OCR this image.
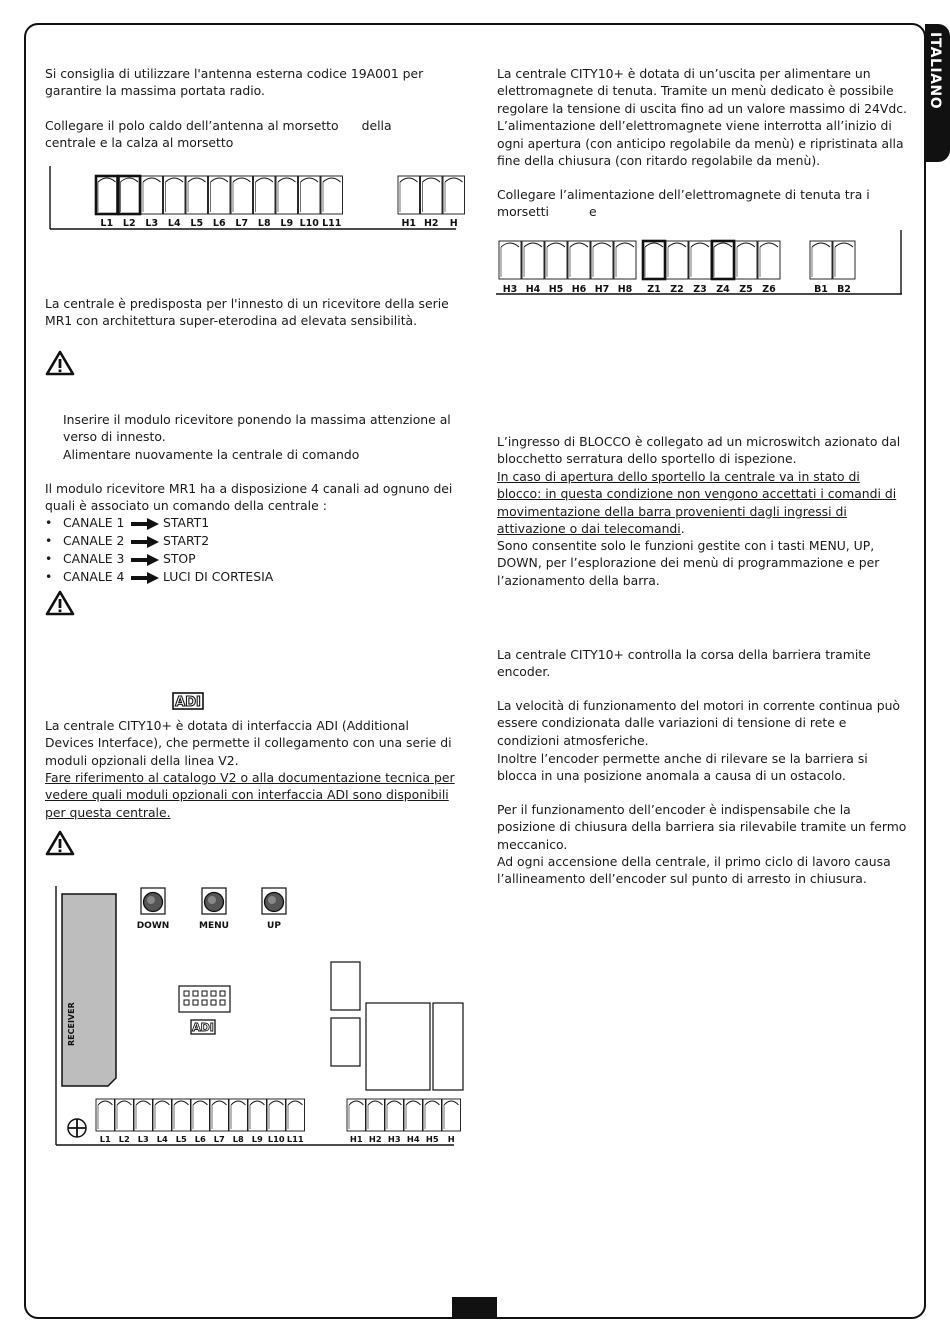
ITALIANO

Si consiglia di utilizzare l'antenna esterna codice 19A001 per garantire la massima portata radio.

Collegare il polo caldo dell’antenna al morsetto della

centrale e la calza al morsetto

L1 L2 L3 L4 L5 L6 L7 L8 L9 L10 L11	H1 H2 H

La centrale è predisposta per l'innesto di un ricevitore della serie MR1 con architettura super-eterodina ad elevata sensibilità.

Inserire il modulo ricevitore ponendo la massima attenzione al verso di innesto.

Alimentare nuovamente la centrale di comando

Il modulo ricevitore MR1 ha a disposizione 4 canali ad ognuno dei quali è associato un comando della centrale :

• CANALE 1	START1
• CANALE 2	START2
• CANALE 3	STOP
• CANALE 4	LUCI DI CORTESIA
ADI

La centrale CITY10+ è dotata di interfaccia ADI (Additional Devices Interface), che permette il collegamento con una serie di moduli opzionali della linea V2.

Fare riferimento al catalogo V2 o alla documentazione tecnica per vedere quali moduli opzionali con interfaccia ADI sono disponibili per questa centrale.

RECEIVER
DOWN	MENU	UP
ADI
L1 L2 L3 L4 L5 L6 L7 L8 L9 L10 L11	H1 H2 H3 H4 H5 H

La centrale CITY10+ è dotata di un’uscita per alimentare un elettromagnete di tenuta. Tramite un menù dedicato è possibile regolare la tensione di uscita fino ad un valore massimo di 24Vdc. L’alimentazione dell’elettromagnete viene interrotta all’inizio di ogni apertura (con anticipo regolabile da menù) e ripristinata alla fine della chiusura (con ritardo regolabile da menù).

Collegare l’alimentazione dell’elettromagnete di tenuta tra i

morsetti	e

H3 H4 H5 H6 H7 H8 Z1 Z2 Z3 Z4 Z5 Z6	B1 B2

L’ingresso di BLOCCO è collegato ad un microswitch azionato dal blocchetto serratura dello sportello di ispezione.

In caso di apertura dello sportello la centrale va in stato di blocco: in questa condizione non vengono accettati i comandi di movimentazione della barra provenienti dagli ingressi di attivazione o dai telecomandi.

Sono consentite solo le funzioni gestite con i tasti MENU, UP, DOWN, per l’esplorazione dei menù di programmazione e per l’azionamento della barra.

La centrale CITY10+ controlla la corsa della barriera tramite encoder.

La velocità di funzionamento del motori in corrente continua può essere condizionata dalle variazioni di tensione di rete e condizioni atmosferiche.

Inoltre l’encoder permette anche di rilevare se la barriera si blocca in una posizione anomala a causa di un ostacolo.

Per il funzionamento dell’encoder è indispensabile che la posizione di chiusura della barriera sia rilevabile tramite un fermo meccanico.

Ad ogni accensione della centrale, il primo ciclo di lavoro causa l’allineamento dell’encoder sul punto di arresto in chiusura.
